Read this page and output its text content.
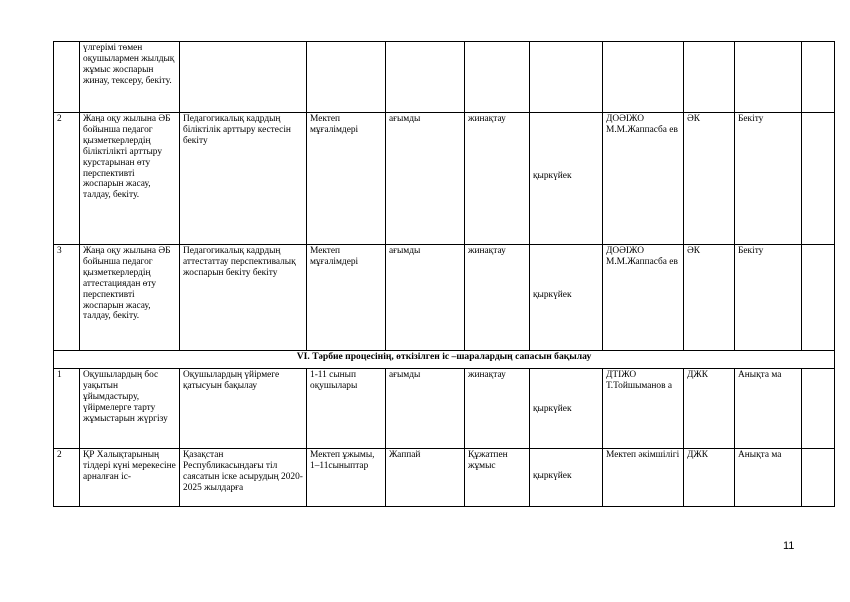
	үлгерімі төмен оқушылармен жылдық жұмыс жоспарын жинау, тексеру, бекіту.									
2	Жаңа оқу жылына ӘБ бойынша педагог қызметкерлердің біліктілікті арттыру курстарынан өту перспективті жоспарын жасау, талдау, бекіту.	Педагогикалық кадрдың біліктілік арттыру кестесін бекіту	Мектеп мұғалімдері	ағымды	жинақтау	қыркүйек	ДОӘІЖО М.М.Жаппасба ев	ӘК	Бекіту	
3	Жаңа оқу жылына ӘБ бойынша педагог қызметкерлердің аттестациядан өту перспективті жоспарын жасау, талдау, бекіту.	Педагогикалық кадрдың аттестаттау перспективалық жоспарын бекіту бекіту	Мектеп мұғалімдері	ағымды	жинақтау	қыркүйек	ДОӘІЖО М.М.Жаппасба ев	ӘК	Бекіту	
VI. Тәрбие процесінің, өткізілген іс –шаралардың сапасын бақылау										
1	Оқушылардың бос уақытын ұйымдастыру, үйірмелерге тарту жұмыстарын жүргізу	Оқушылардың үйірмеге қатысуын бақылау	1-11 сынып оқушылары	ағымды	жинақтау	қыркүйек	ДТІЖО Т.Тойшыманов а	ДЖК	Анықта ма	
2	ҚР Халықтарының тілдері күні мерекесіне арналған іс-	Қазақстан Республикасындағы тіл саясатын іске асырудың 2020-2025 жылдарға	Мектеп ұжымы, 1–11сыныптар	Жаппай	Құжатпен жұмыс	қыркүйек	Мектеп әкімшілігі	ДЖК	Анықта ма	
11
